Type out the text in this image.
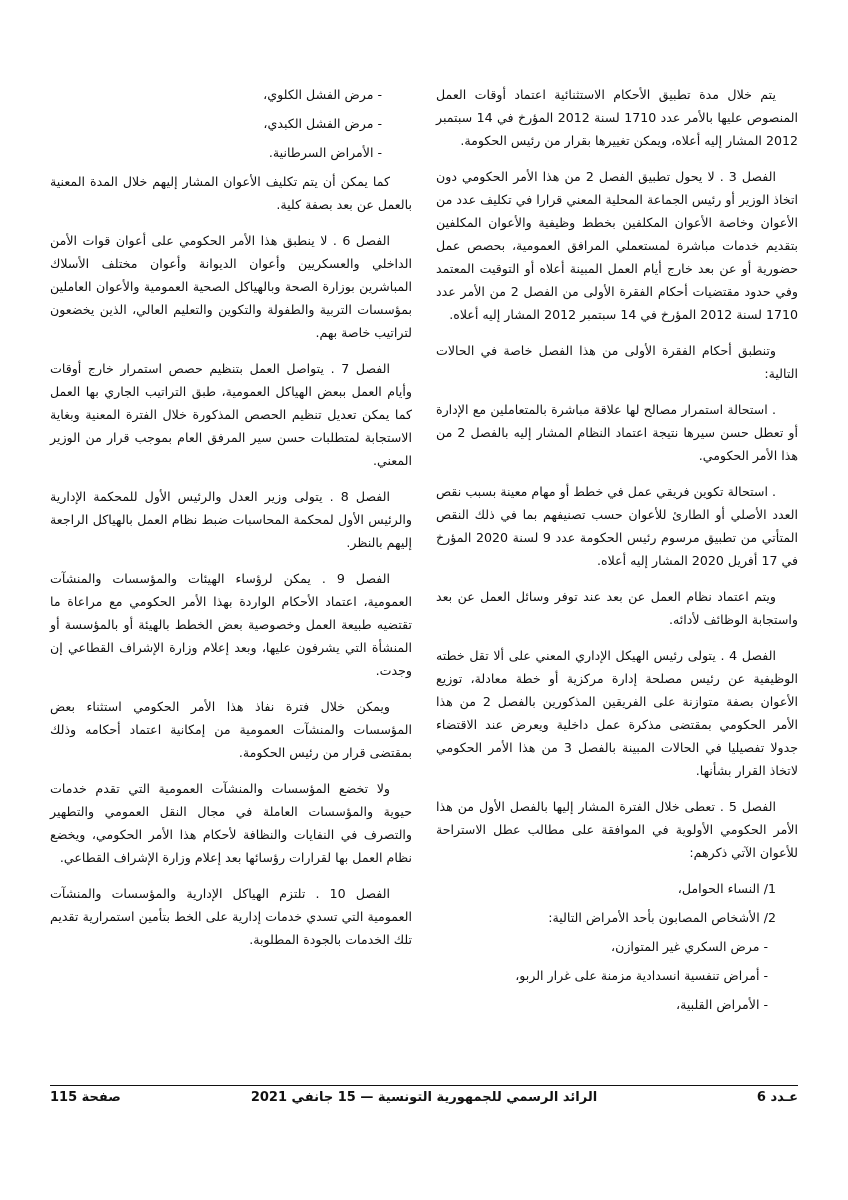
يتم خلال مدة تطبيق الأحكام الاستثنائية اعتماد أوقات العمل المنصوص عليها بالأمر عدد 1710 لسنة 2012 المؤرخ في 14 سبتمبر 2012 المشار إليه أعلاه، ويمكن تغييرها بقرار من رئيس الحكومة.

الفصل 3 . لا يحول تطبيق الفصل 2 من هذا الأمر الحكومي دون اتخاذ الوزير أو رئيس الجماعة المحلية المعني قرارا في تكليف عدد من الأعوان وخاصة الأعوان المكلفين بخطط وظيفية والأعوان المكلفين بتقديم خدمات مباشرة لمستعملي المرافق العمومية، بحصص عمل حضورية أو عن بعد خارج أيام العمل المبينة أعلاه أو التوقيت المعتمد وفي حدود مقتضيات أحكام الفقرة الأولى من الفصل 2 من الأمر عدد 1710 لسنة 2012 المؤرخ في 14 سبتمبر 2012 المشار إليه أعلاه.

وتنطبق أحكام الفقرة الأولى من هذا الفصل خاصة في الحالات التالية:

. استحالة استمرار مصالح لها علاقة مباشرة بالمتعاملين مع الإدارة أو تعطل حسن سيرها نتيجة اعتماد النظام المشار إليه بالفصل 2 من هذا الأمر الحكومي.

. استحالة تكوين فريقي عمل في خطط أو مهام معينة بسبب نقص العدد الأصلي أو الطارئ للأعوان حسب تصنيفهم بما في ذلك النقص المتأتي من تطبيق مرسوم رئيس الحكومة عدد 9 لسنة 2020 المؤرخ في 17 أفريل 2020 المشار إليه أعلاه.

ويتم اعتماد نظام العمل عن بعد عند توفر وسائل العمل عن بعد واستجابة الوظائف لأدائه.

الفصل 4 . يتولى رئيس الهيكل الإداري المعني على ألا تقل خطته الوظيفية عن رئيس مصلحة إدارة مركزية أو خطة معادلة، توزيع الأعوان بصفة متوازنة على الفريقين المذكورين بالفصل 2 من هذا الأمر الحكومي بمقتضى مذكرة عمل داخلية ويعرض عند الاقتضاء جدولا تفصيليا في الحالات المبينة بالفصل 3 من هذا الأمر الحكومي لاتخاذ القرار بشأنها.

الفصل 5 . تعطى خلال الفترة المشار إليها بالفصل الأول من هذا الأمر الحكومي الأولوية في الموافقة على مطالب عطل الاستراحة للأعوان الآتي ذكرهم:

1/ النساء الحوامل،

2/ الأشخاص المصابون بأحد الأمراض التالية:

- مرض السكري غير المتوازن،

- أمراض تنفسية انسدادية مزمنة على غرار الربو،

- الأمراض القلبية،

- مرض الفشل الكلوي،

- مرض الفشل الكبدي،

- الأمراض السرطانية.

كما يمكن أن يتم تكليف الأعوان المشار إليهم خلال المدة المعنية بالعمل عن بعد بصفة كلية.

الفصل 6 . لا ينطبق هذا الأمر الحكومي على أعوان قوات الأمن الداخلي والعسكريين وأعوان الديوانة وأعوان مختلف الأسلاك المباشرين بوزارة الصحة وبالهياكل الصحية العمومية والأعوان العاملين بمؤسسات التربية والطفولة والتكوين والتعليم العالي، الذين يخضعون لتراتيب خاصة بهم.

الفصل 7 . يتواصل العمل بتنظيم حصص استمرار خارج أوقات وأيام العمل ببعض الهياكل العمومية، طبق التراتيب الجاري بها العمل كما يمكن تعديل تنظيم الحصص المذكورة خلال الفترة المعنية وبغاية الاستجابة لمتطلبات حسن سير المرفق العام بموجب قرار من الوزير المعني.

الفصل 8 . يتولى وزير العدل والرئيس الأول للمحكمة الإدارية والرئيس الأول لمحكمة المحاسبات ضبط نظام العمل بالهياكل الراجعة إليهم بالنظر.

الفصل 9 . يمكن لرؤساء الهيئات والمؤسسات والمنشآت العمومية، اعتماد الأحكام الواردة بهذا الأمر الحكومي مع مراعاة ما تقتضيه طبيعة العمل وخصوصية بعض الخطط بالهيئة أو بالمؤسسة أو المنشأة التي يشرفون عليها، وبعد إعلام وزارة الإشراف القطاعي إن وجدت.

ويمكن خلال فترة نفاذ هذا الأمر الحكومي استثناء بعض المؤسسات والمنشآت العمومية من إمكانية اعتماد أحكامه وذلك بمقتضى قرار من رئيس الحكومة.

ولا تخضع المؤسسات والمنشآت العمومية التي تقدم خدمات حيوية والمؤسسات العاملة في مجال النقل العمومي والتطهير والتصرف في النفايات والنظافة لأحكام هذا الأمر الحكومي، ويخضع نظام العمل بها لقرارات رؤسائها بعد إعلام وزارة الإشراف القطاعي.

الفصل 10 . تلتزم الهياكل الإدارية والمؤسسات والمنشآت العمومية التي تسدي خدمات إدارية على الخط بتأمين استمرارية تقديم تلك الخدمات بالجودة المطلوبة.

عـدد 6
الرائد الرسمي للجمهورية التونسية — 15 جانفي 2021
صفحة 115
